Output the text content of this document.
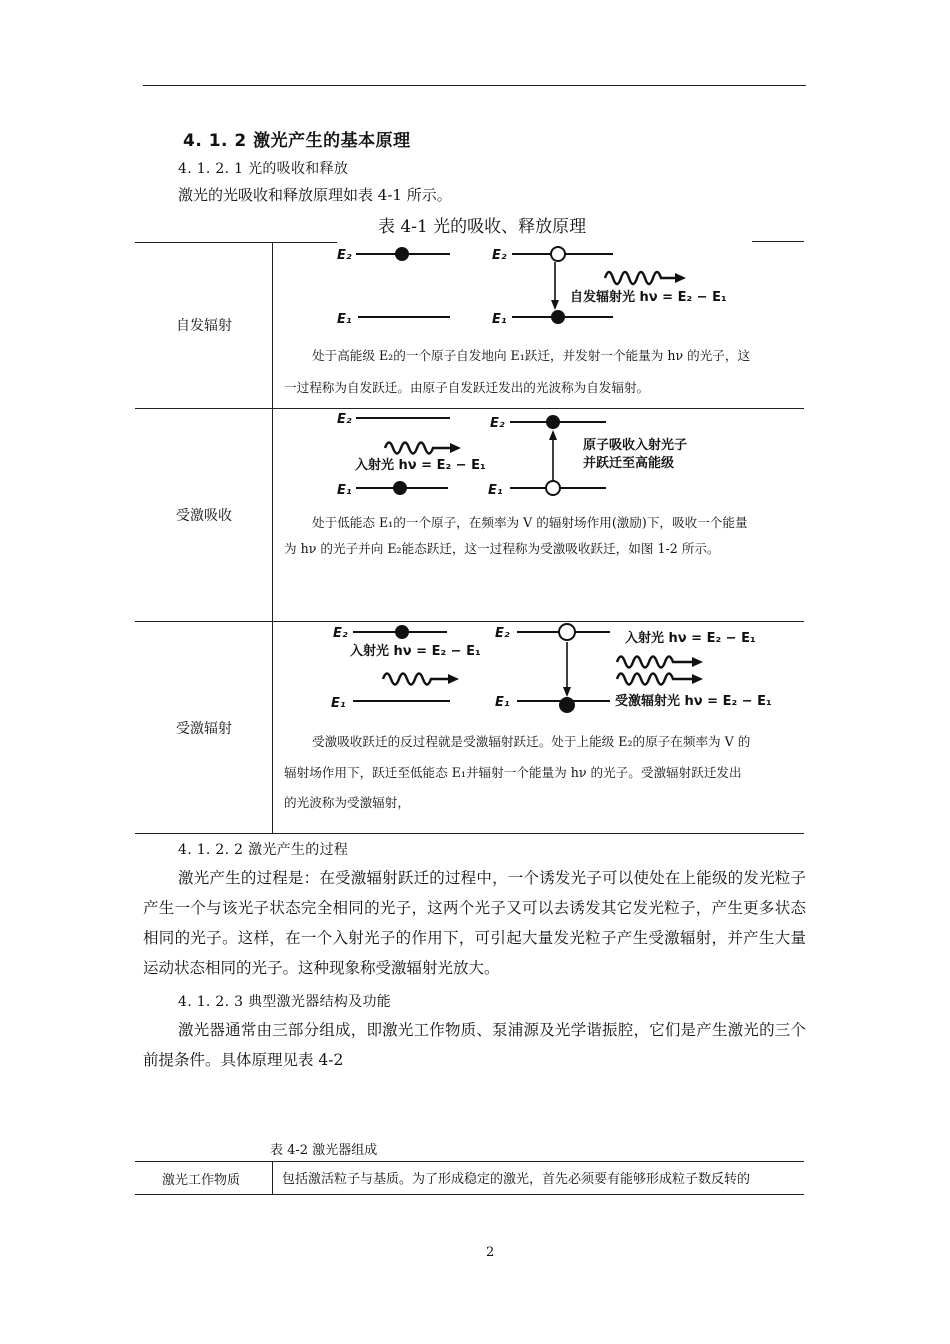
4. 1. 2 激光产生的基本原理
4. 1. 2. 1 光的吸收和释放
激光的光吸收和释放原理如表 4-1 所示。
表 4-1 光的吸收、释放原理
自发辐射
E₂
E₁
E₂
E₁
自发辐射光 hν = E₂ − E₁
处于高能级 E₂的一个原子自发地向 E₁跃迁，并发射一个能量为 hν 的光子，这
一过程称为自发跃迁。由原子自发跃迁发出的光波称为自发辐射。
受激吸收
E₂
E₁
入射光 hν = E₂ − E₁
E₂
E₁
原子吸收入射光子
并跃迁至高能级
处于低能态 E₁的一个原子，在频率为 V 的辐射场作用(激励)下，吸收一个能量
为 hν 的光子并向 E₂能态跃迁，这一过程称为受激吸收跃迁，如图 1-2 所示。
受激辐射
E₂
入射光 hν = E₂ − E₁
E₁
E₂
E₁
入射光 hν = E₂ − E₁
受激辐射光 hν = E₂ − E₁
受激吸收跃迁的反过程就是受激辐射跃迁。处于上能级 E₂的原子在频率为 V 的
辐射场作用下，跃迁至低能态 E₁并辐射一个能量为 hν 的光子。受激辐射跃迁发出
的光波称为受激辐射，
4. 1. 2. 2 激光产生的过程
激光产生的过程是：在受激辐射跃迁的过程中，一个诱发光子可以使处在上能级的发光粒子产生一个与该光子状态完全相同的光子，这两个光子又可以去诱发其它发光粒子，产生更多状态相同的光子。这样，在一个入射光子的作用下，可引起大量发光粒子产生受激辐射，并产生大量运动状态相同的光子。这种现象称受激辐射光放大。
4. 1. 2. 3 典型激光器结构及功能
激光器通常由三部分组成，即激光工作物质、泵浦源及光学谐振腔，它们是产生激光的三个前提条件。具体原理见表 4-2
表 4-2 激光器组成
激光工作物质	包括激活粒子与基质。为了形成稳定的激光，首先必须要有能够形成粒子数反转的
2
